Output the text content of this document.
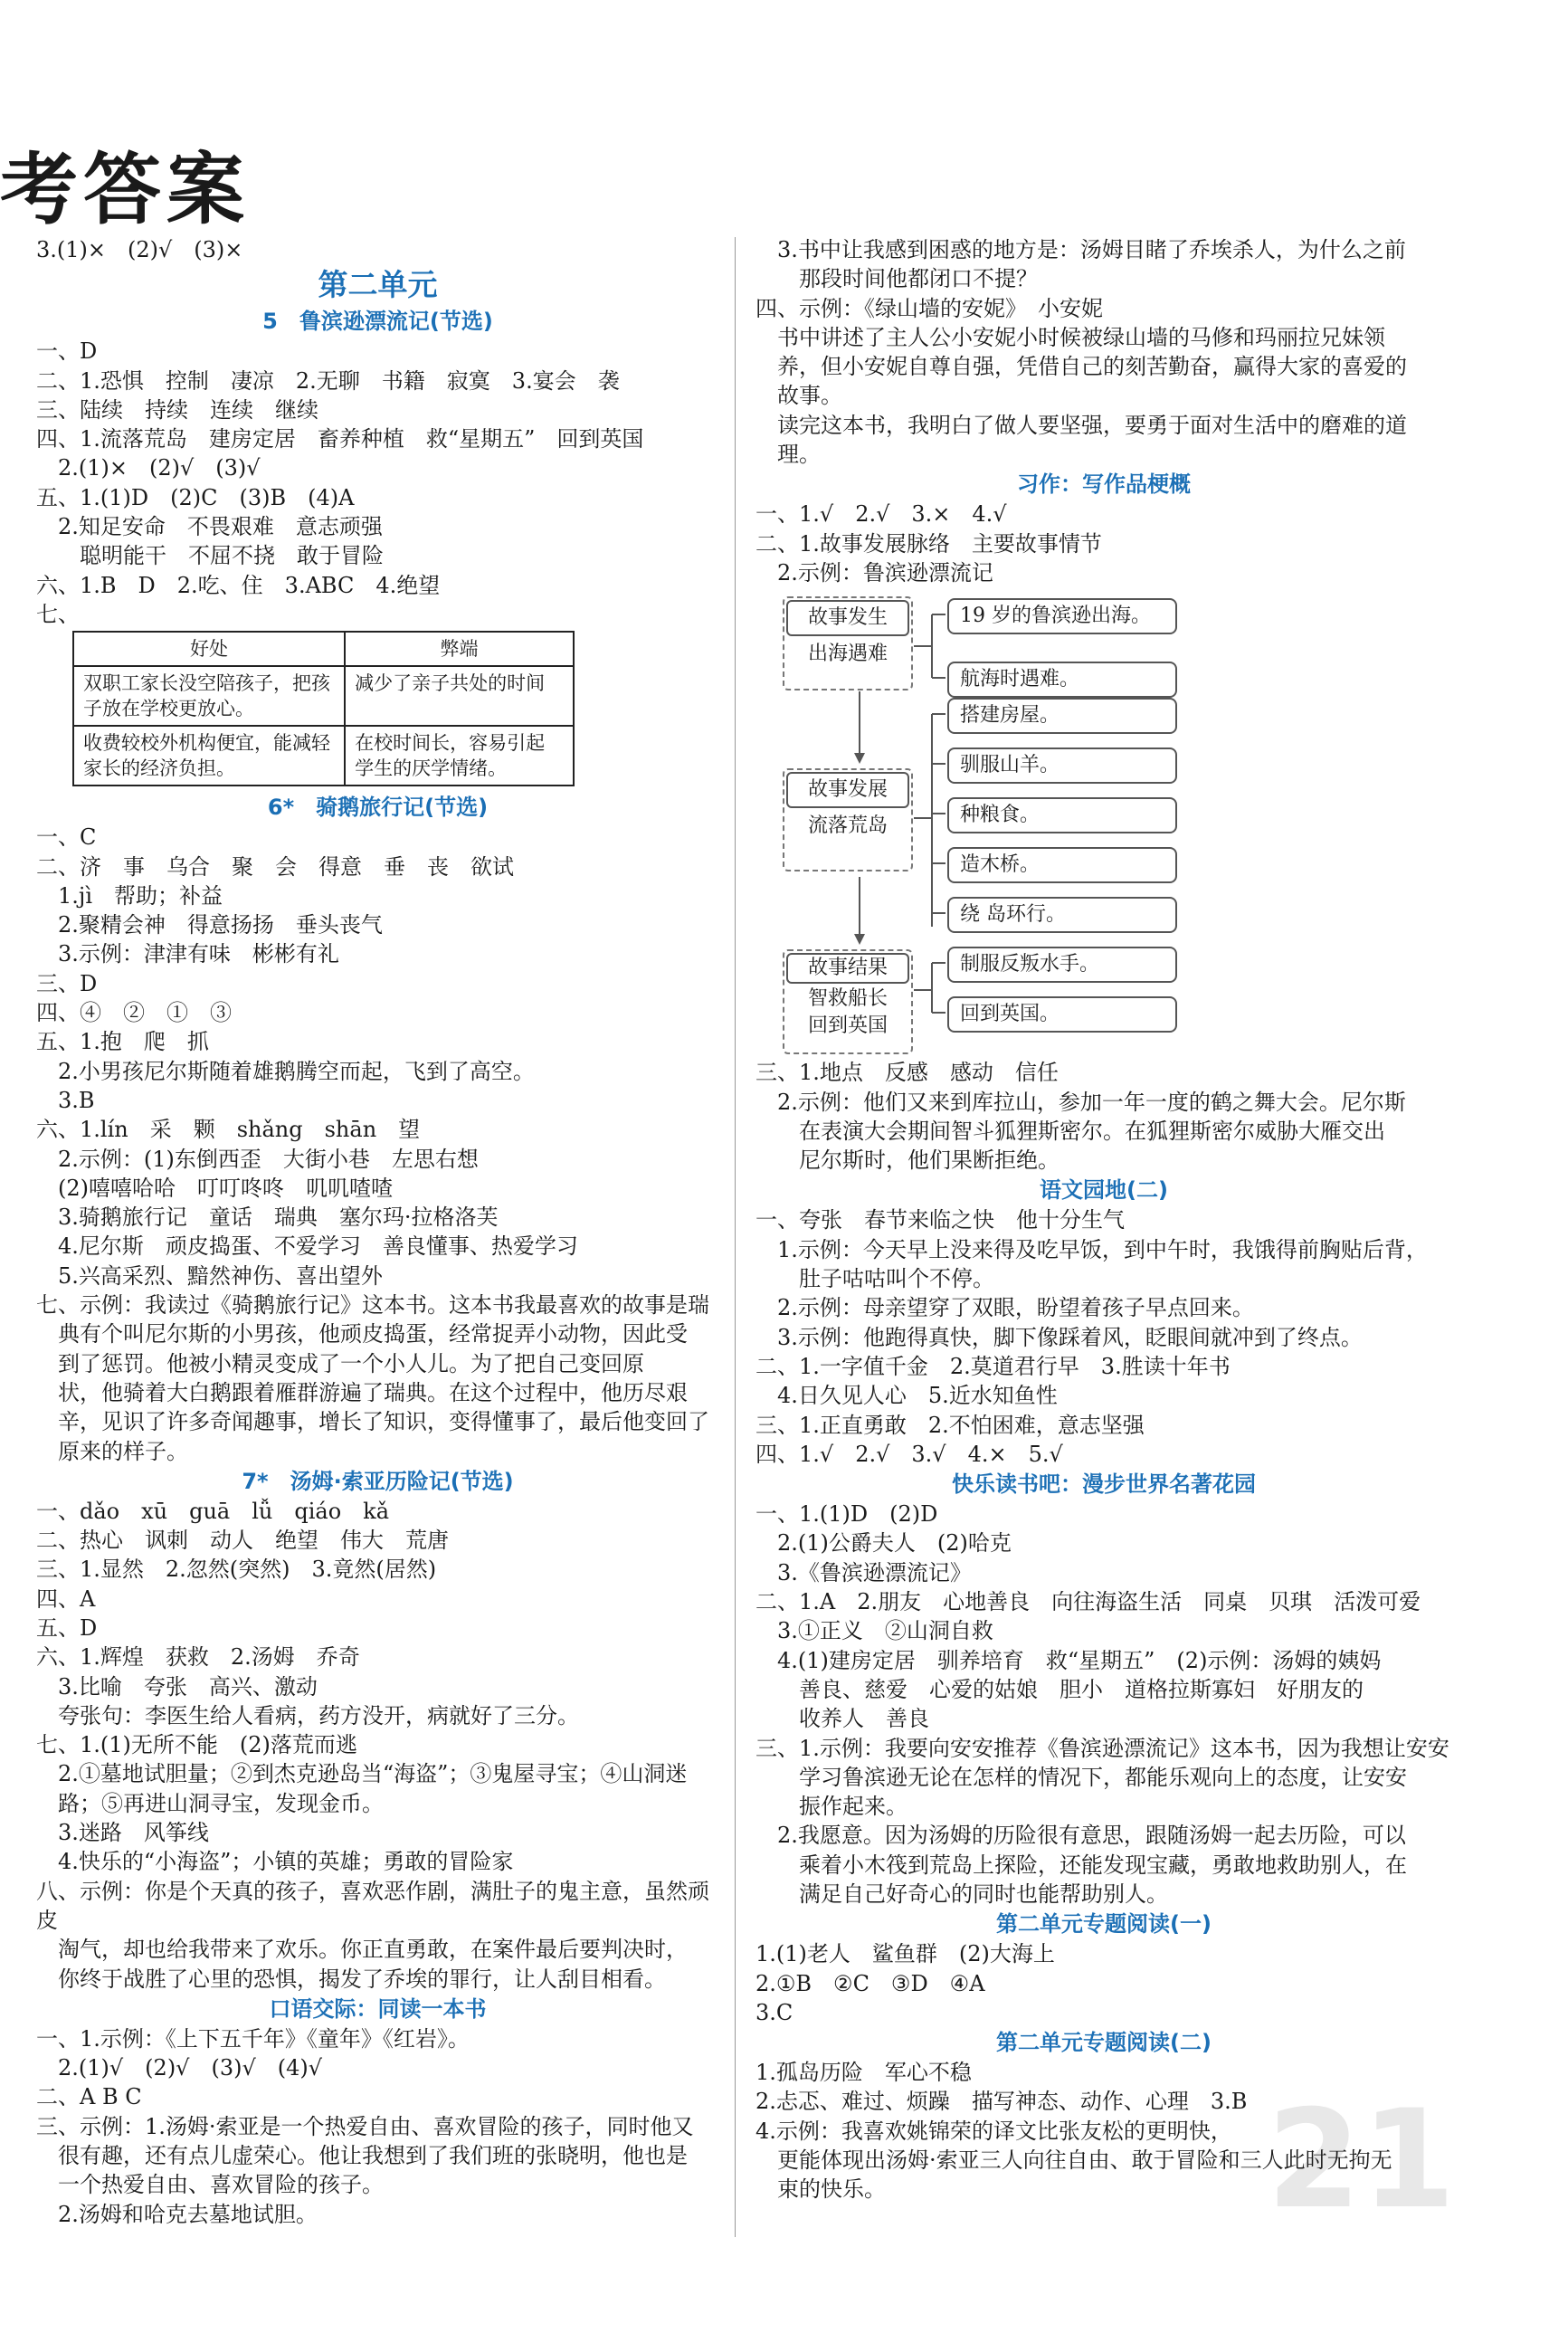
考答案
21
3.(1)×　(2)√　(3)×
第二单元
5　鲁滨逊漂流记(节选)
一、D
二、1.恐惧　控制　凄凉　2.无聊　书籍　寂寞　3.宴会　袭
三、陆续　持续　连续　继续
四、1.流落荒岛　建房定居　畜养种植　救“星期五”　回到英国
　2.(1)×　(2)√　(3)√
五、1.(1)D　(2)C　(3)B　(4)A
　2.知足安命　不畏艰难　意志顽强
　　聪明能干　不屈不挠　敢于冒险
六、1.B　D　2.吃、住　3.ABC　4.绝望
七、
好处	弊端
双职工家长没空陪孩子，把孩子放在学校更放心。	减少了亲子共处的时间
收费较校外机构便宜，能减轻家长的经济负担。	在校时间长，容易引起学生的厌学情绪。
6*　骑鹅旅行记(节选)
一、C
二、济　事　乌合　聚　会　得意　垂　丧　欲试
　1.jì　帮助；补益
　2.聚精会神　得意扬扬　垂头丧气
　3.示例：津津有味　彬彬有礼
三、D
四、④　②　①　③
五、1.抱　爬　抓
　2.小男孩尼尔斯随着雄鹅腾空而起，飞到了高空。
　3.B
六、1.lín　采　颗　shǎng　shān　望
　2.示例：(1)东倒西歪　大街小巷　左思右想
　(2)嘻嘻哈哈　叮叮咚咚　叽叽喳喳
　3.骑鹅旅行记　童话　瑞典　塞尔玛·拉格洛芙
　4.尼尔斯　顽皮捣蛋、不爱学习　善良懂事、热爱学习
　5.兴高采烈、黯然神伤、喜出望外
七、示例：我读过《骑鹅旅行记》这本书。这本书我最喜欢的故事是瑞
　典有个叫尼尔斯的小男孩，他顽皮捣蛋，经常捉弄小动物，因此受
　到了惩罚。他被小精灵变成了一个小人儿。为了把自己变回原
　状，他骑着大白鹅跟着雁群游遍了瑞典。在这个过程中，他历尽艰
　辛，见识了许多奇闻趣事，增长了知识，变得懂事了，最后他变回了
　原来的样子。
7*　汤姆·索亚历险记(节选)
一、dǎo　xū　guā　lǚ　qiáo　kǎ
二、热心　讽刺　动人　绝望　伟大　荒唐
三、1.显然　2.忽然(突然)　3.竟然(居然)
四、A
五、D
六、1.辉煌　获救　2.汤姆　乔奇
　3.比喻　夸张　高兴、激动
　夸张句：李医生给人看病，药方没开，病就好了三分。
七、1.(1)无所不能　(2)落荒而逃
　2.①墓地试胆量；②到杰克逊岛当“海盗”；③鬼屋寻宝；④山洞迷
　路；⑤再进山洞寻宝，发现金币。
　3.迷路　风筝线
　4.快乐的“小海盗”；小镇的英雄；勇敢的冒险家
八、示例：你是个天真的孩子，喜欢恶作剧，满肚子的鬼主意，虽然顽皮
　淘气，却也给我带来了欢乐。你正直勇敢，在案件最后要判决时，
　你终于战胜了心里的恐惧，揭发了乔埃的罪行，让人刮目相看。
口语交际：同读一本书
一、1.示例：《上下五千年》《童年》《红岩》。
　2.(1)√　(2)√　(3)√　(4)√
二、A B C
三、示例：1.汤姆·索亚是一个热爱自由、喜欢冒险的孩子，同时他又
　很有趣，还有点儿虚荣心。他让我想到了我们班的张晓明，他也是
　一个热爱自由、喜欢冒险的孩子。
　2.汤姆和哈克去墓地试胆。
　3.书中让我感到困惑的地方是：汤姆目睹了乔埃杀人，为什么之前
　　那段时间他都闭口不提？
四、示例：《绿山墙的安妮》　小安妮
　书中讲述了主人公小安妮小时候被绿山墙的马修和玛丽拉兄妹领
　养，但小安妮自尊自强，凭借自己的刻苦勤奋，赢得大家的喜爱的
　故事。
　读完这本书，我明白了做人要坚强，要勇于面对生活中的磨难的道
　理。
习作：写作品梗概
一、1.√　2.√　3.×　4.√
二、1.故事发展脉络　主要故事情节
　2.示例：鲁滨逊漂流记
故事发生
出海遇难
故事发展
流落荒岛
故事结果
智救船长
回到英国
19 岁的鲁滨逊出海。
航海时遇难。
搭建房屋。
驯服山羊。
种粮食。
造木桥。
绕 岛环行。
制服反叛水手。
回到英国。
三、1.地点　反感　感动　信任
　2.示例：他们又来到库拉山，参加一年一度的鹤之舞大会。尼尔斯
　　在表演大会期间智斗狐狸斯密尔。在狐狸斯密尔威胁大雁交出
　　尼尔斯时，他们果断拒绝。
语文园地(二)
一、夸张　春节来临之快　他十分生气
　1.示例：今天早上没来得及吃早饭，到中午时，我饿得前胸贴后背，
　　肚子咕咕叫个不停。
　2.示例：母亲望穿了双眼，盼望着孩子早点回来。
　3.示例：他跑得真快，脚下像踩着风，眨眼间就冲到了终点。
二、1.一字值千金　2.莫道君行早　3.胜读十年书
　4.日久见人心　5.近水知鱼性
三、1.正直勇敢　2.不怕困难，意志坚强
四、1.√　2.√　3.√　4.×　5.√
快乐读书吧：漫步世界名著花园
一、1.(1)D　(2)D
　2.(1)公爵夫人　(2)哈克
　3.《鲁滨逊漂流记》
二、1.A　2.朋友　心地善良　向往海盗生活　同桌　贝琪　活泼可爱
　3.①正义　②山洞自救
　4.(1)建房定居　驯养培育　救“星期五”　(2)示例：汤姆的姨妈
　　善良、慈爱　心爱的姑娘　胆小　道格拉斯寡妇　好朋友的
　　收养人　善良
三、1.示例：我要向安安推荐《鲁滨逊漂流记》这本书，因为我想让安安
　　学习鲁滨逊无论在怎样的情况下，都能乐观向上的态度，让安安
　　振作起来。
　2.我愿意。因为汤姆的历险很有意思，跟随汤姆一起去历险，可以
　　乘着小木筏到荒岛上探险，还能发现宝藏，勇敢地救助别人，在
　　满足自己好奇心的同时也能帮助别人。
第二单元专题阅读(一)
1.(1)老人　鲨鱼群　(2)大海上
2.①B　②C　③D　④A
3.C
第二单元专题阅读(二)
1.孤岛历险　军心不稳
2.忐忑、难过、烦躁　描写神态、动作、心理　3.B
4.示例：我喜欢姚锦荣的译文比张友松的更明快，
　更能体现出汤姆·索亚三人向往自由、敢于冒险和三人此时无拘无
　束的快乐。
